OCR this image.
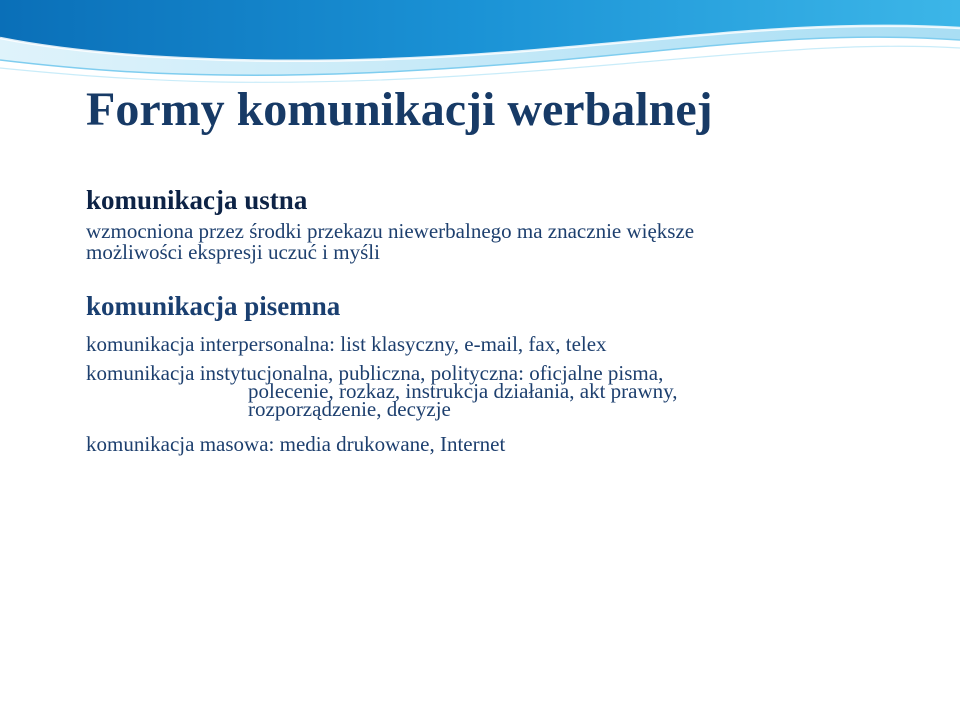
Formy komunikacji werbalnej
komunikacja ustna

wzmocniona przez środki przekazu niewerbalnego ma znacznie większe

możliwości ekspresji uczuć i myśli

komunikacja pisemna

komunikacja interpersonalna: list klasyczny, e-mail, fax, telex

komunikacja instytucjonalna, publiczna, polityczna: oficjalne pisma,

polecenie, rozkaz, instrukcja działania, akt prawny,

rozporządzenie, decyzje

komunikacja masowa: media drukowane, Internet
